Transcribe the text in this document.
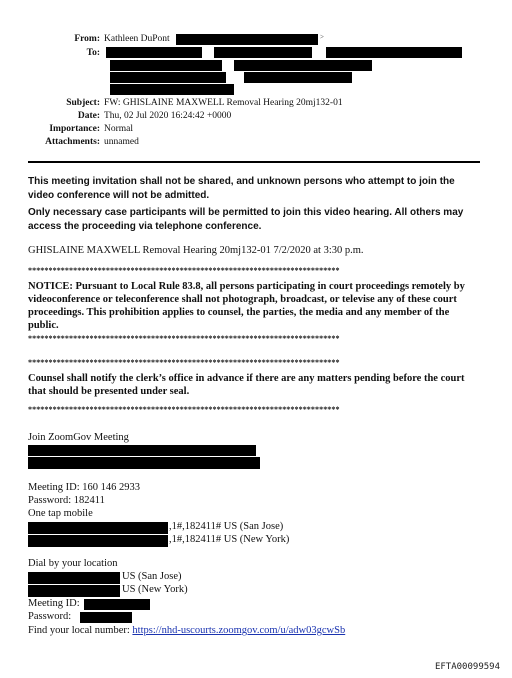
From: Kathleen DuPont	>
To:
Subject: FW: GHISLAINE MAXWELL Removal Hearing 20mj132-01
Date: Thu, 02 Jul 2020 16:24:42 +0000
Importance: Normal
Attachments: unnamed
This meeting invitation shall not be shared, and unknown persons who attempt to join the video conference will not be admitted.
Only necessary case participants will be permitted to join this video hearing. All others may access the proceeding via telephone conference.
GHISLAINE MAXWELL Removal Hearing 20mj132-01 7/2/2020 at 3:30 p.m.
****************************************************************************
NOTICE: Pursuant to Local Rule 83.8, all persons participating in court proceedings remotely by videoconference or teleconference shall not photograph, broadcast, or televise any of these court proceedings. This prohibition applies to counsel, the parties, the media and any member of the public.
****************************************************************************
****************************************************************************
Counsel shall notify the clerk’s office in advance if there are any matters pending before the court that should be presented under seal.
****************************************************************************
Join ZoomGov Meeting
Meeting ID: 160 146 2933
Password: 182411
One tap mobile
,1#,182411# US (San Jose)
,1#,182411# US (New York)
Dial by your location
US (San Jose)
US (New York)
Meeting ID:
Password:
Find your local number: https://nhd-uscourts.zoomgov.com/u/adw03gcwSb
EFTA00099594
